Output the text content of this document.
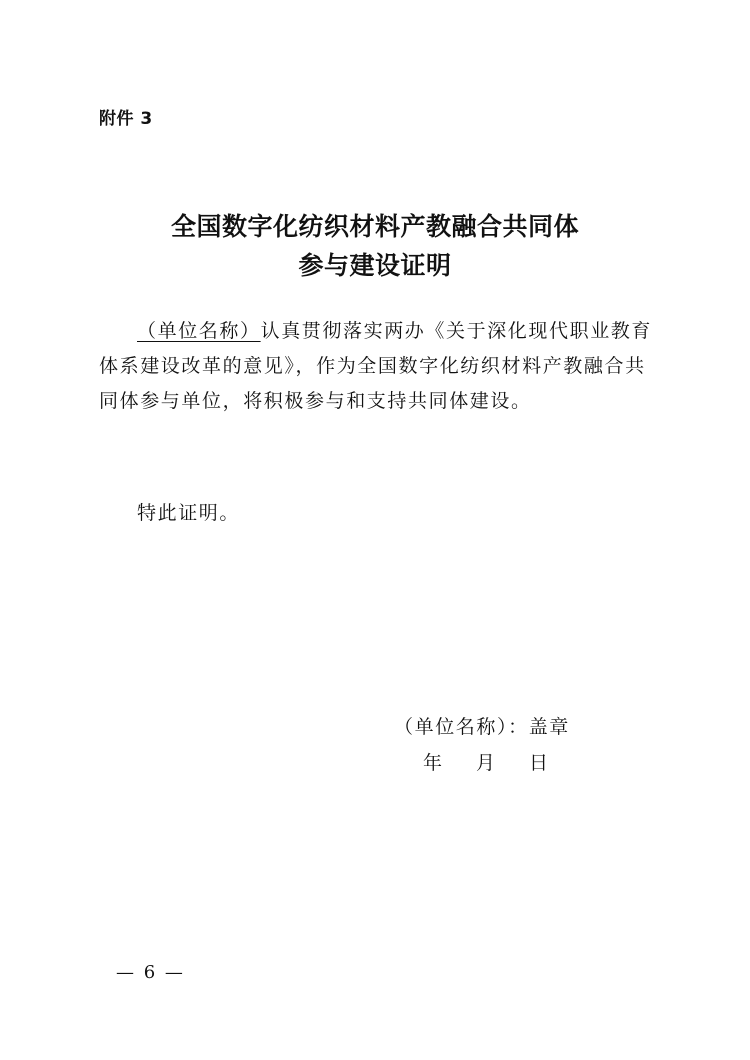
附件 3
全国数字化纺织材料产教融合共同体
参与建设证明
（单位名称）认真贯彻落实两办《关于深化现代职业教育体系建设改革的意见》，作为全国数字化纺织材料产教融合共同体参与单位，将积极参与和支持共同体建设。
特此证明。
（单位名称）：盖章
年 月 日
— 6 —
